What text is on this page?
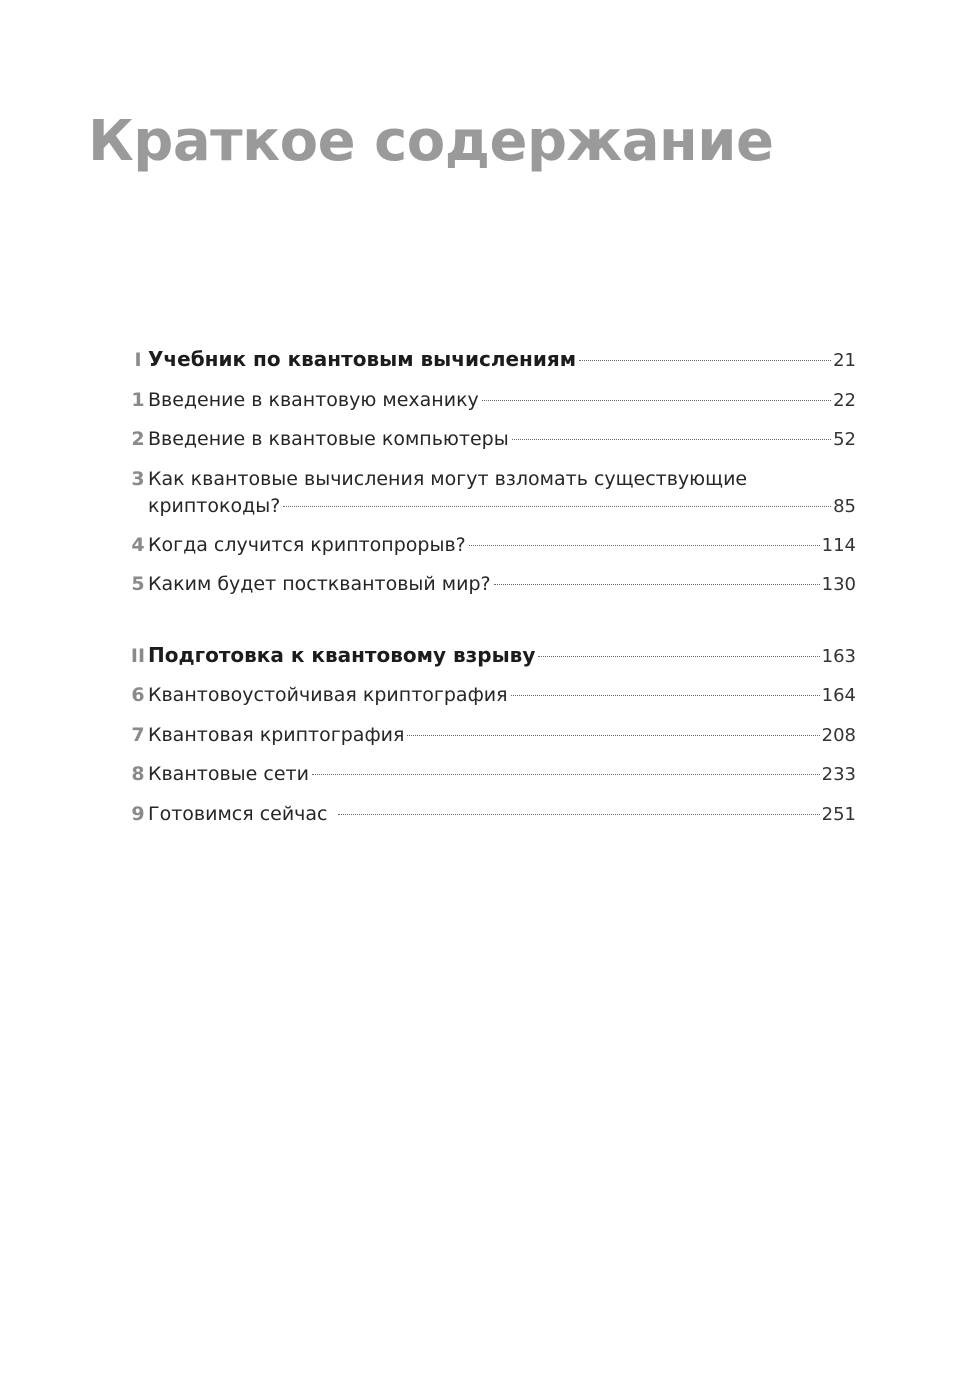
Краткое содержание
I Учебник по квантовым вычислениям	21
1 Введение в квантовую механику	22
2 Введение в квантовые компьютеры	52
3 Как квантовые вычисления могут взломать существующие
криптокоды?	85
4 Когда случится криптопрорыв?	114
5 Каким будет постквантовый мир?	130
II Подготовка к квантовому взрыву	163
6 Квантовоустойчивая криптография	164
7 Квантовая криптография	208
8 Квантовые сети	233
9 Готовимся сейчас	251
